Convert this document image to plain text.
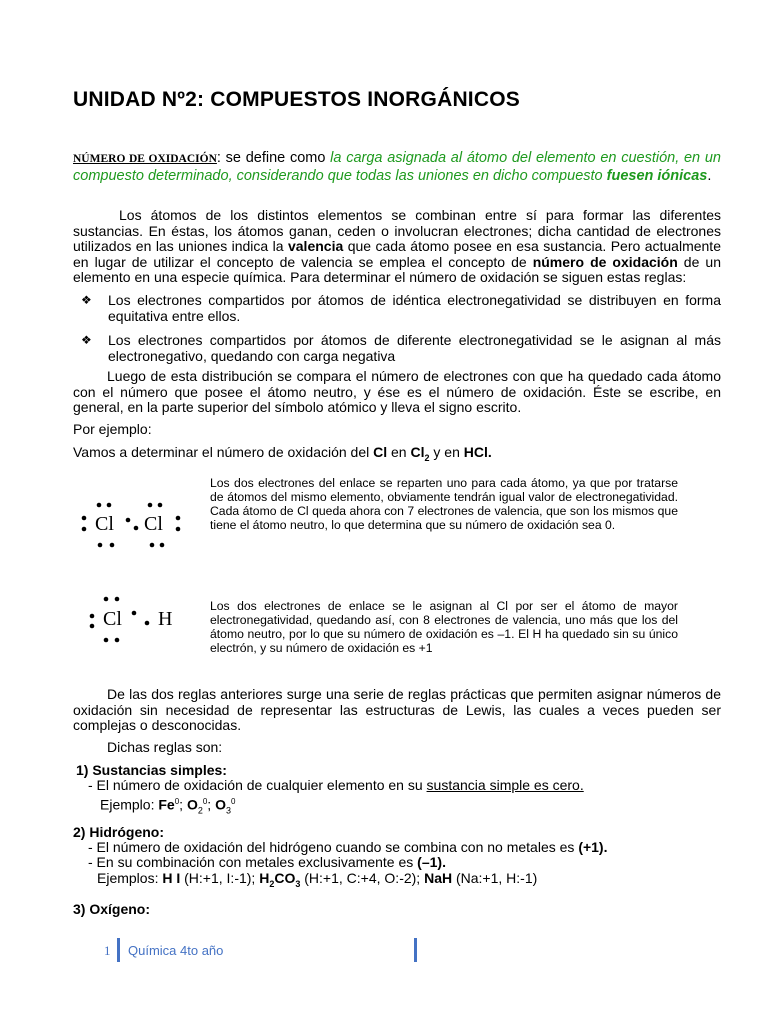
UNIDAD Nº2: COMPUESTOS INORGÁNICOS
NÚMERO DE OXIDACIÓN: se define como la carga asignada al átomo del elemento en cuestión, en un compuesto determinado, considerando que todas las uniones en dicho compuesto fuesen iónicas.
Los átomos de los distintos elementos se combinan entre sí para formar las diferentes sustancias. En éstas, los átomos ganan, ceden o involucran electrones; dicha cantidad de electrones utilizados en las uniones indica la valencia que cada átomo posee en esa sustancia. Pero actualmente en lugar de utilizar el concepto de valencia se emplea el concepto de número de oxidación de un elemento en una especie química. Para determinar el número de oxidación se siguen estas reglas:
❖ Los electrones compartidos por átomos de idéntica electronegatividad se distribuyen en forma equitativa entre ellos.
❖ Los electrones compartidos por átomos de diferente electronegatividad se le asignan al más electronegativo, quedando con carga negativa
Luego de esta distribución se compara el número de electrones con que ha quedado cada átomo con el número que posee el átomo neutro, y ése es el número de oxidación. Éste se escribe, en general, en la parte superior del símbolo atómico y lleva el signo escrito.
Por ejemplo:
Vamos a determinar el número de oxidación del Cl en $Cl_2$ y en HCl.
Cl Cl
Los dos electrones del enlace se reparten uno para cada átomo, ya que por tratarse de átomos del mismo elemento, obviamente tendrán igual valor de electronegatividad. Cada átomo de Cl queda ahora con 7 electrones de valencia, que son los mismos que tiene el átomo neutro, lo que determina que su número de oxidación sea 0.
Cl H
Los dos electrones de enlace se le asignan al Cl por ser el átomo de mayor electronegatividad, quedando así, con 8 electrones de valencia, uno más que los del átomo neutro, por lo que su número de oxidación es –1. El H ha quedado sin su único electrón, y su número de oxidación es +1
De las dos reglas anteriores surge una serie de reglas prácticas que permiten asignar números de oxidación sin necesidad de representar las estructuras de Lewis, las cuales a veces pueden ser complejas o desconocidas.
Dichas reglas son:
1) Sustancias simples:
- El número de oxidación de cualquier elemento en su sustancia simple es cero.
Ejemplo: Fe$^0$; $O_2^0$; $O_3^0$
2) Hidrógeno:
- El número de oxidación del hidrógeno cuando se combina con no metales es (+1).
- En su combinación con metales exclusivamente es (–1).
Ejemplos: H I (H:+1, I:-1); $H_2CO_3$ (H:+1, C:+4, O:-2); NaH (Na:+1, H:-1)
3) Oxígeno:
1 Química 4to año
